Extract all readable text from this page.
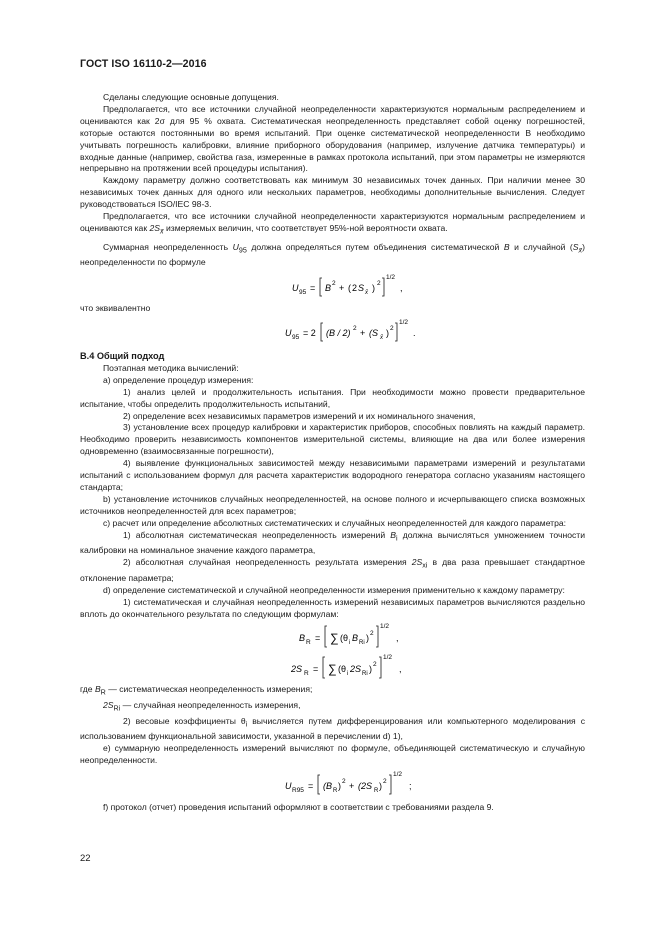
ГОСТ ISO 16110-2—2016

Сделаны следующие основные допущения.

Предполагается, что все источники случайной неопределенности характеризуются нормальным распределением и оцениваются как 2σ для 95 % охвата. Систематическая неопределенность представляет собой оценку погрешностей, которые остаются постоянными во время испытаний. При оценке систематической неопределенности B необходимо учитывать погрешность калибровки, влияние приборного оборудования (например, излучение датчика температуры) и входные данные (например, свойства газа, измеренные в рамках протокола испытаний, при этом параметры не измеряются непрерывно на протяжении всей процедуры испытания).

Каждому параметру должно соответствовать как минимум 30 независимых точек данных. При наличии менее 30 независимых точек данных для одного или нескольких параметров, необходимы дополнительные вычисления. Следует руководствоваться ISO/IEC 98-3.

Предполагается, что все источники случайной неопределенности характеризуются нормальным распределением и оцениваются как $2S_{x̄}$ измеряемых величин, что соответствует 95%-ной вероятности охвата.

Суммарная неопределенность $U_{95}$ должна определяться путем объединения систематической B и случайной $(S_{x̄})$ неопределенности по формуле

U 95 = B 2 + ( 2 S x̄ ) 2
1/2
,

что эквивалентно

U 95 = 2 (B / 2) 2 + (S x̄ ) 2
1/2
.

B.4 Общий подход

Поэтапная методика вычислений:

a) определение процедур измерения:

1) анализ целей и продолжительность испытания. При необходимости можно провести предварительное испытание, чтобы определить продолжительность испытаний,

2) определение всех независимых параметров измерений и их номинального значения,

3) установление всех процедур калибровки и характеристик приборов, способных повлиять на каждый параметр. Необходимо проверить независимость компонентов измерительной системы, влияющие на два или более измерения одновременно (взаимосвязанные погрешности),

4) выявление функциональных зависимостей между независимыми параметрами измерений и результатами испытаний с использованием формул для расчета характеристик водородного генератора согласно указаниям настоящего стандарта;

b) установление источников случайных неопределенностей, на основе полного и исчерпывающего списка возможных источников неопределенностей для всех параметров;

c) расчет или определение абсолютных систематических и случайных неопределенностей для каждого параметра:

1) абсолютная систематическая неопределенность измерений $B_i$ должна вычисляться умножением точности калибровки на номинальное значение каждого параметра,

2) абсолютная случайная неопределенность результата измерения $2S_{xi}$ в два раза превышает стандартное отклонение параметра;

d) определение систематической и случайной неопределенности измерения применительно к каждому параметру:

1) систематическая и случайная неопределенность измерений независимых параметров вычисляются раздельно вплоть до окончательного результата по следующим формулам:

B R = ∑ (θ i B Ri ) 2
1/2
,
2S R = ∑ (θ i 2S Ri ) 2
1/2
,

где $B_R$ — систематическая неопределенность измерения;

$2S_{Ri}$ — случайная неопределенность измерения,

2) весовые коэффициенты $\theta_i$ вычисляется путем дифференцирования или компьютерного моделирования с использованием функциональной зависимости, указанной в перечислении d) 1),

e) суммарную неопределенность измерений вычисляют по формуле, объединяющей систематическую и случайную неопределенности.

U R95 = (B R ) 2 + (2S R ) 2
1/2
;

f) протокол (отчет) проведения испытаний оформляют в соответствии с требованиями раздела 9.

22
